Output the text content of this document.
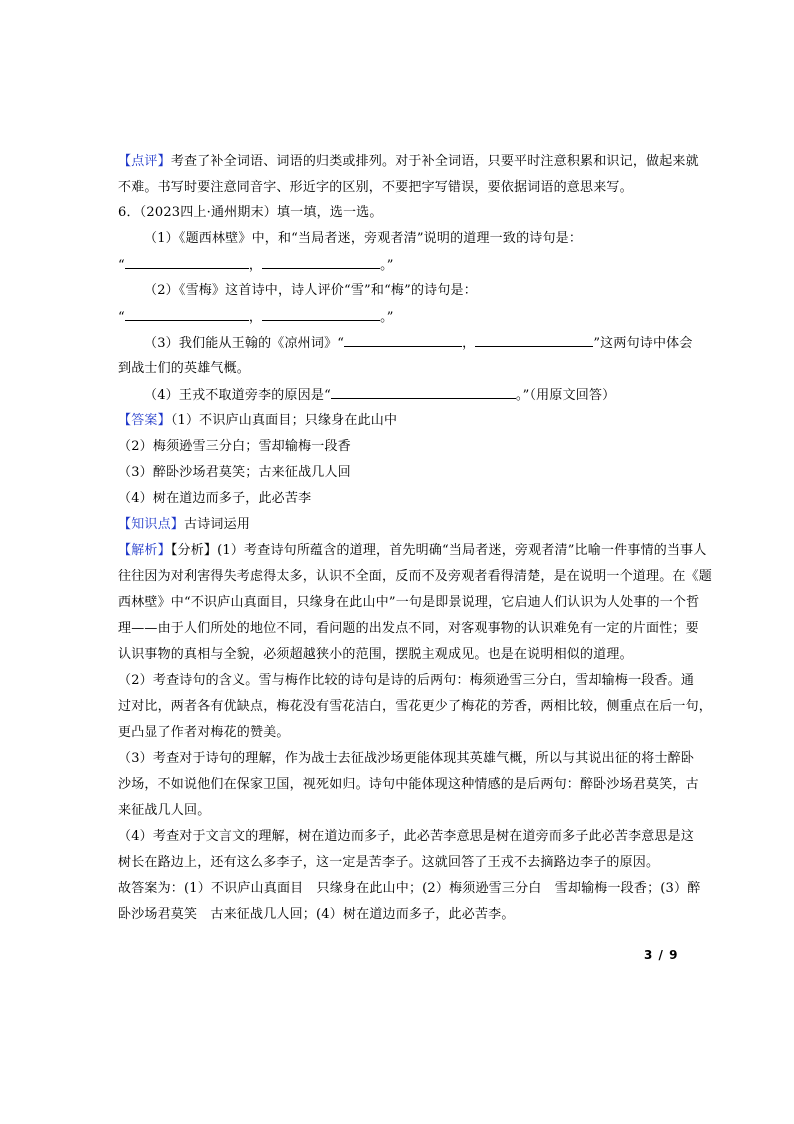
【点评】考查了补全词语、词语的归类或排列。对于补全词语，只要平时注意积累和识记，做起来就
不难。书写时要注意同音字、形近字的区别，不要把字写错误，要依据词语的意思来写。
6．（2023四上·通州期末）填一填，选一选。
（1）《题西林壁》中，和“当局者迷，旁观者清”说明的道理一致的诗句是：
“	，	。”
（2）《雪梅》这首诗中，诗人评价“雪”和“梅”的诗句是：
“	，	。”
（3）我们能从王翰的《凉州词》“	，	”这两句诗中体会
到战士们的英雄气概。
（4）王戎不取道旁李的原因是“	。”（用原文回答）
【答案】（1）不识庐山真面目；只缘身在此山中
（2）梅须逊雪三分白；雪却输梅一段香
（3）醉卧沙场君莫笑；古来征战几人回
（4）树在道边而多子，此必苦李
【知识点】古诗词运用
【解析】【分析】(1）考查诗句所蕴含的道理，首先明确“当局者迷，旁观者清”比喻一件事情的当事人
往往因为对利害得失考虑得太多，认识不全面，反而不及旁观者看得清楚，是在说明一个道理。在《题
西林壁》中“不识庐山真面目，只缘身在此山中”一句是即景说理，它启迪人们认识为人处事的一个哲
理——由于人们所处的地位不同，看问题的出发点不同，对客观事物的认识难免有一定的片面性；要
认识事物的真相与全貌，必须超越狭小的范围，摆脱主观成见。也是在说明相似的道理。
（2）考查诗句的含义。雪与梅作比较的诗句是诗的后两句：梅须逊雪三分白，雪却输梅一段香。通
过对比，两者各有优缺点，梅花没有雪花洁白，雪花更少了梅花的芳香，两相比较，侧重点在后一句，
更凸显了作者对梅花的赞美。
（3）考查对于诗句的理解，作为战士去征战沙场更能体现其英雄气概，所以与其说出征的将士醉卧
沙场，不如说他们在保家卫国，视死如归。诗句中能体现这种情感的是后两句：醉卧沙场君莫笑，古
来征战几人回。
（4）考查对于文言文的理解，树在道边而多子，此必苦李意思是树在道旁而多子此必苦李意思是这
树长在路边上，还有这么多李子，这一定是苦李子。这就回答了王戎不去摘路边李子的原因。
故答案为：(1）不识庐山真面目　只缘身在此山中；(2）梅须逊雪三分白　雪却输梅一段香；(3）醉
卧沙场君莫笑　古来征战几人回；(4）树在道边而多子，此必苦李。
3 / 9
